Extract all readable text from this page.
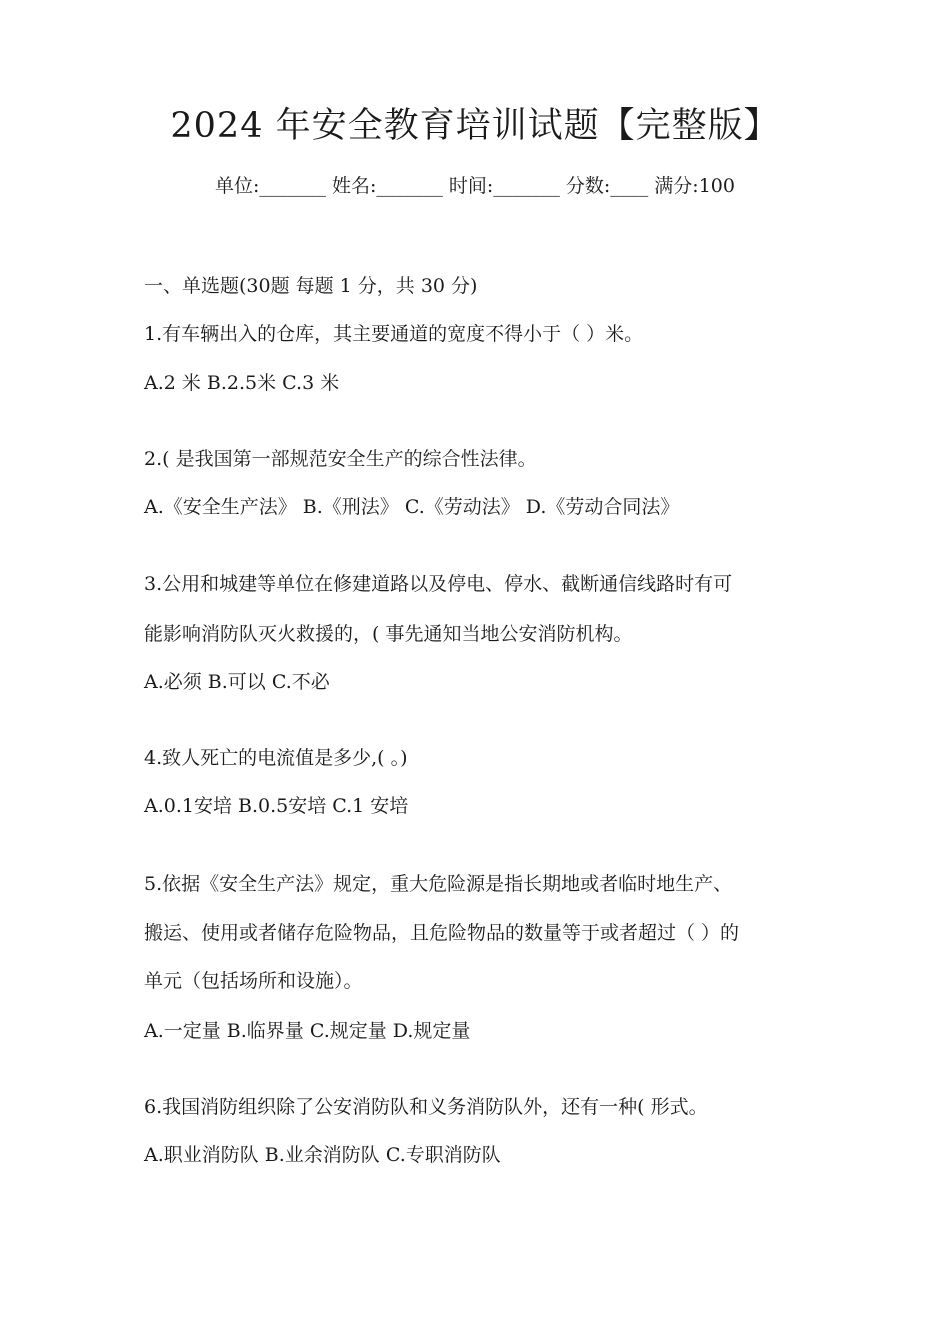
2024 年安全教育培训试题【完整版】
单位:_______ 姓名:_______ 时间:_______ 分数:____ 满分:100
一、单选题(30题 每题 1 分，共 30 分)
1.有车辆出入的仓库，其主要通道的宽度不得小于（ ）米。
A.2 米 B.2.5米 C.3 米
2.( 是我国第一部规范安全生产的综合性法律。
A.《安全生产法》 B.《刑法》 C.《劳动法》 D.《劳动合同法》
3.公用和城建等单位在修建道路以及停电、停水、截断通信线路时有可
能影响消防队灭火救援的，( 事先通知当地公安消防机构。
A.必须 B.可以 C.不必
4.致人死亡的电流值是多少,( 。)
A.0.1安培 B.0.5安培 C.1 安培
5.依据《安全生产法》规定，重大危险源是指长期地或者临时地生产、
搬运、使用或者储存危险物品，且危险物品的数量等于或者超过（ ）的
单元（包括场所和设施）。
A.一定量 B.临界量 C.规定量 D.规定量
6.我国消防组织除了公安消防队和义务消防队外，还有一种( 形式。
A.职业消防队 B.业余消防队 C.专职消防队
